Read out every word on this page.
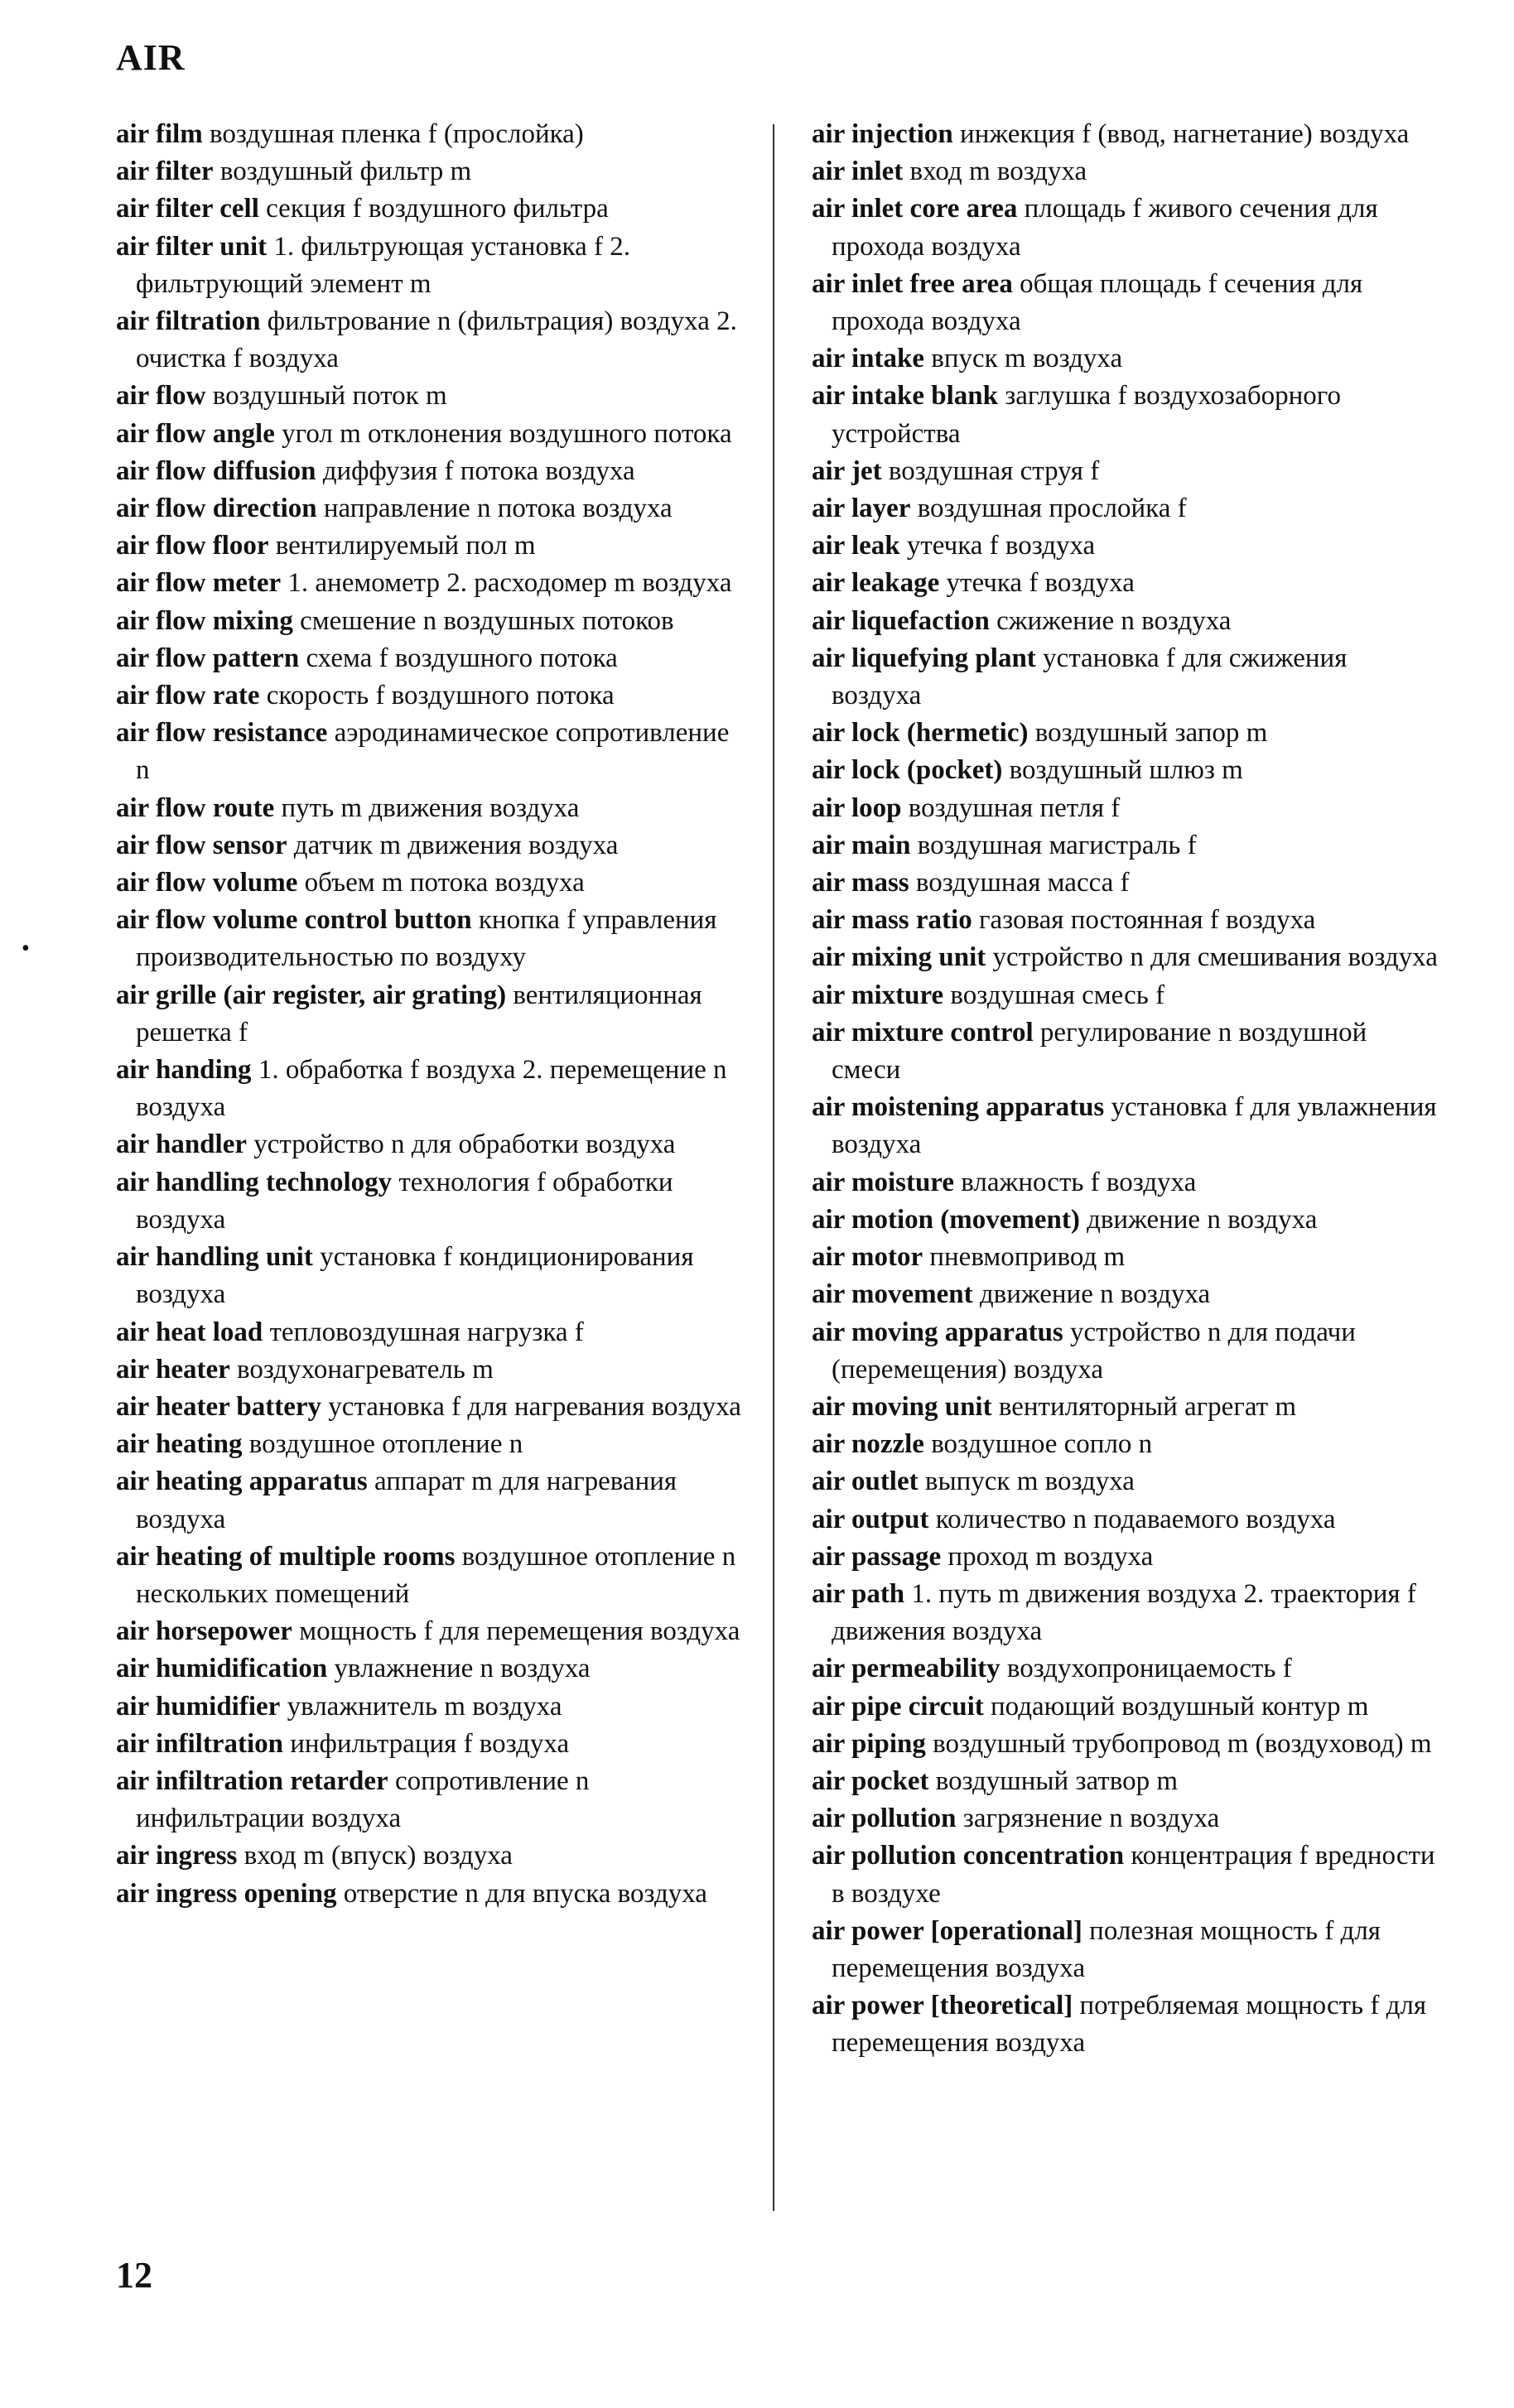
AIR

air film воздушная пленка f (прослойка)

air filter воздушный фильтр m

air filter cell секция f воздушного фильтра

air filter unit 1. фильтрующая установка f 2. фильтрующий элемент m

air filtration фильтрование n (фильтрация) воздуха 2. очистка f воздуха

air flow воздушный поток m

air flow angle угол m отклонения воздушного потока

air flow diffusion диффузия f потока воздуха

air flow direction направление n потока воздуха

air flow floor вентилируемый пол m

air flow meter 1. анемометр 2. расходомер m воздуха

air flow mixing смешение n воздушных потоков

air flow pattern схема f воздушного потока

air flow rate скорость f воздушного потока

air flow resistance аэродинамическое сопротивление n

air flow route путь m движения воздуха

air flow sensor датчик m движения воздуха

air flow volume объем m потока воздуха

air flow volume control button кнопка f управления производительностью по воздуху

air grille (air register, air grating) вентиляционная решетка f

air handing 1. обработка f воздуха 2. перемещение n воздуха

air handler устройство n для обработки воздуха

air handling technology технология f обработки воздуха

air handling unit установка f кондиционирования воздуха

air heat load тепловоздушная нагрузка f

air heater воздухонагреватель m

air heater battery установка f для нагревания воздуха

air heating воздушное отопление n

air heating apparatus аппарат m для нагревания воздуха

air heating of multiple rooms воздушное отопление n нескольких помещений

air horsepower мощность f для перемещения воздуха

air humidification увлажнение n воздуха

air humidifier увлажнитель m воздуха

air infiltration инфильтрация f воздуха

air infiltration retarder сопротивление n инфильтрации воздуха

air ingress вход m (впуск) воздуха

air ingress opening отверстие n для впуска воздуха

air injection инжекция f (ввод, нагнетание) воздуха

air inlet вход m воздуха

air inlet core area площадь f живого сечения для прохода воздуха

air inlet free area общая площадь f сечения для прохода воздуха

air intake впуск m воздуха

air intake blank заглушка f воздухозаборного устройства

air jet воздушная струя f

air layer воздушная прослойка f

air leak утечка f воздуха

air leakage утечка f воздуха

air liquefaction сжижение n воздуха

air liquefying plant установка f для сжижения воздуха

air lock (hermetic) воздушный запор m

air lock (pocket) воздушный шлюз m

air loop воздушная петля f

air main воздушная магистраль f

air mass воздушная масса f

air mass ratio газовая постоянная f воздуха

air mixing unit устройство n для смешивания воздуха

air mixture воздушная смесь f

air mixture control регулирование n воздушной смеси

air moistening apparatus установка f для увлажнения воздуха

air moisture влажность f воздуха

air motion (movement) движение n воздуха

air motor пневмопривод m

air movement движение n воздуха

air moving apparatus устройство n для подачи (перемещения) воздуха

air moving unit вентиляторный агрегат m

air nozzle воздушное сопло n

air outlet выпуск m воздуха

air output количество n подаваемого воздуха

air passage проход m воздуха

air path 1. путь m движения воздуха 2. траектория f движения воздуха

air permeability воздухопроницаемость f

air pipe circuit подающий воздушный контур m

air piping воздушный трубопровод m (воздуховод) m

air pocket воздушный затвор m

air pollution загрязнение n воздуха

air pollution concentration концентрация f вредности в воздухе

air power [operational] полезная мощность f для перемещения воздуха

air power [theoretical] потребляемая мощность f для перемещения воздуха

•
12
